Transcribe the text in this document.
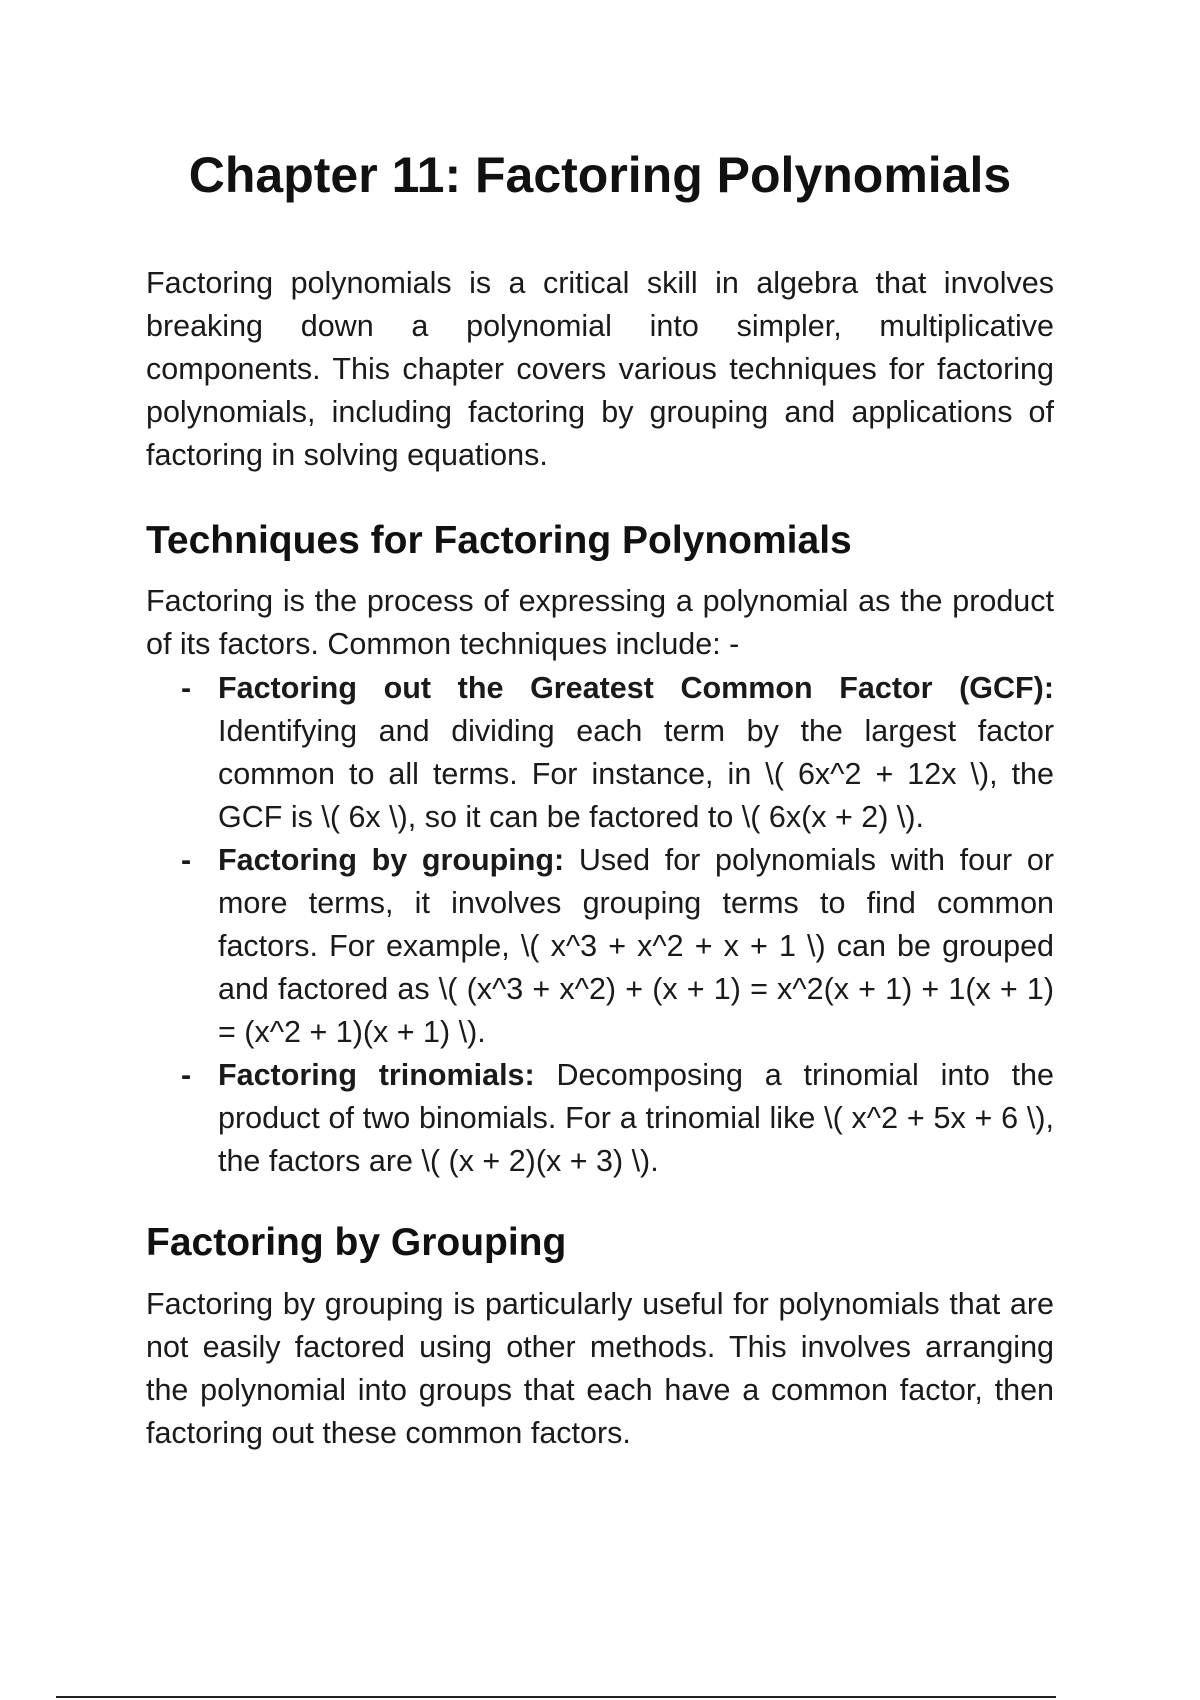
Chapter 11: Factoring Polynomials

Factoring polynomials is a critical skill in algebra that involves breaking down a polynomial into simpler, multiplicative components. This chapter covers various techniques for factoring polynomials, including factoring by grouping and applications of factoring in solving equations.

Techniques for Factoring Polynomials

Factoring is the process of expressing a polynomial as the product of its factors. Common techniques include: -

- Factoring out the Greatest Common Factor (GCF): Identifying and dividing each term by the largest factor common to all terms. For instance, in \( 6x^2 + 12x \), the GCF is \( 6x \), so it can be factored to \( 6x(x + 2) \).
- Factoring by grouping: Used for polynomials with four or more terms, it involves grouping terms to find common factors. For example, \( x^3 + x^2 + x + 1 \) can be grouped and factored as \( (x^3 + x^2) + (x + 1) = x^2(x + 1) + 1(x + 1) = (x^2 + 1)(x + 1) \).
- Factoring trinomials: Decomposing a trinomial into the product of two binomials. For a trinomial like \( x^2 + 5x + 6 \), the factors are \( (x + 2)(x + 3) \).
Factoring by Grouping

Factoring by grouping is particularly useful for polynomials that are not easily factored using other methods. This involves arranging the polynomial into groups that each have a common factor, then factoring out these common factors.
